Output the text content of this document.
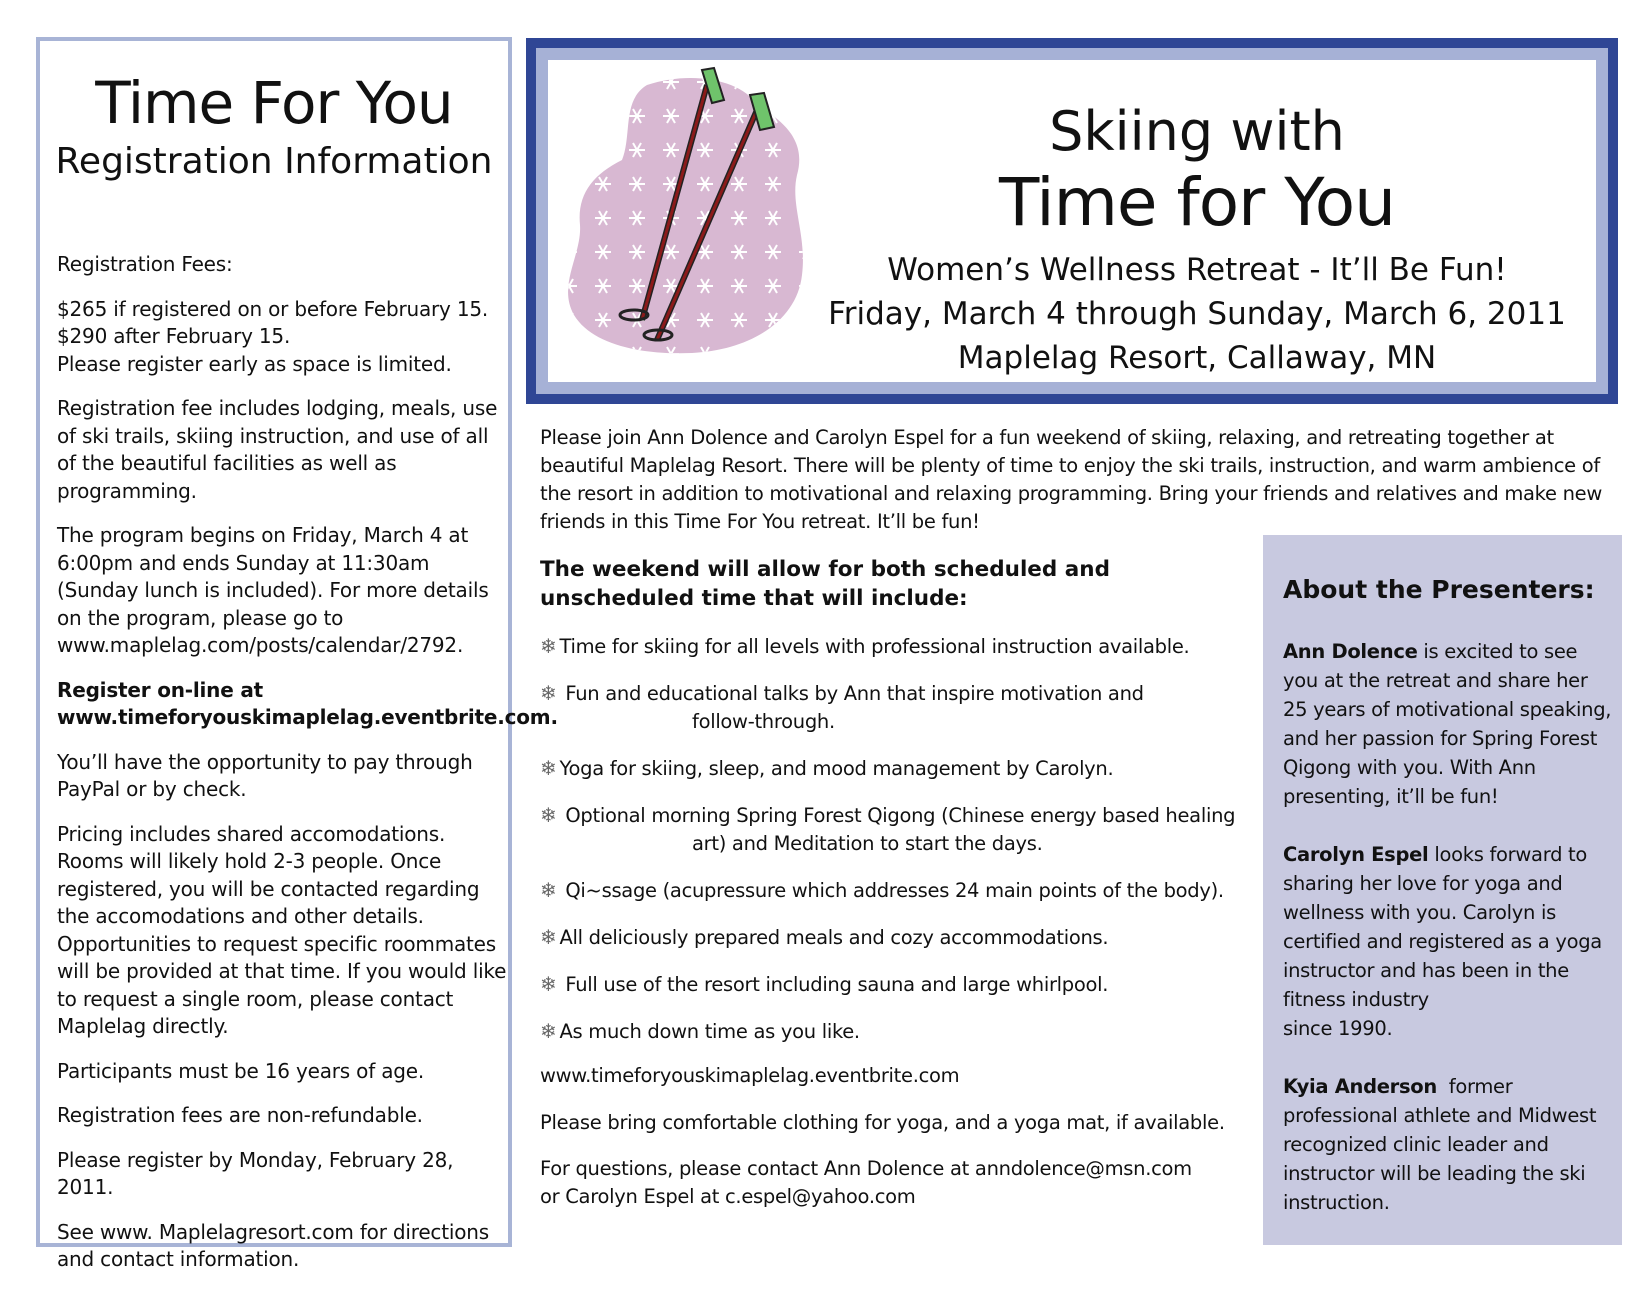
Time For You
Registration Information

Registration Fees:

$265 if registered on or before February 15.
$290 after February 15.
Please register early as space is limited.

Registration fee includes lodging, meals, use of ski trails, skiing instruction, and use of all of the beautiful facilities as well as programming.

The program begins on Friday, March 4 at 6:00pm and ends Sunday at 11:30am (Sunday lunch is included). For more details on the program, please go to www.maplelag.com/posts/calendar/2792.

Register on-line at
www.timeforyouskimaplelag.eventbrite.com.

You’ll have the opportunity to pay through PayPal or by check.

Pricing includes shared accomodations. Rooms will likely hold 2-3 people. Once registered, you will be contacted regarding the accomodations and other details. Opportunities to request specific roommates will be provided at that time. If you would like to request a single room, please contact Maplelag directly.

Participants must be 16 years of age.

Registration fees are non-refundable.

Please register by Monday, February 28, 2011.

See www. Maplelagresort.com for directions and contact information.

Skiing with
Time for You
Women’s Wellness Retreat - It’ll Be Fun!
Friday, March 4 through Sunday, March 6, 2011
Maplelag Resort, Callaway, MN
Please join Ann Dolence and Carolyn Espel for a fun weekend of skiing, relaxing, and retreating together at beautiful Maplelag Resort. There will be plenty of time to enjoy the ski trails, instruction, and warm ambience of the resort in addition to motivational and relaxing programming. Bring your friends and relatives and make new friends in this Time For You retreat. It’ll be fun!
The weekend will allow for both scheduled and unscheduled time that will include:
❄ Time for skiing for all levels with professional instruction available.
❄ Fun and educational talks by Ann that inspire motivation and
follow-through.
❄ Yoga for skiing, sleep, and mood management by Carolyn.
❄ Optional morning Spring Forest Qigong (Chinese energy based healing
art) and Meditation to start the days.
❄ Qi~ssage (acupressure which addresses 24 main points of the body).
❄ All deliciously prepared meals and cozy accommodations.
❄ Full use of the resort including sauna and large whirlpool.
❄ As much down time as you like.
www.timeforyouskimaplelag.eventbrite.com
Please bring comfortable clothing for yoga, and a yoga mat, if available.
For questions, please contact Ann Dolence at anndolence@msn.com
or Carolyn Espel at c.espel@yahoo.com
About the Presenters:

Ann Dolence is excited to see you at the retreat and share her 25 years of motivational speaking, and her passion for Spring Forest Qigong with you. With Ann presenting, it’ll be fun!

Carolyn Espel looks forward to sharing her love for yoga and wellness with you. Carolyn is certified and registered as a yoga instructor and has been in the fitness industry
since 1990.

Kyia Anderson  former professional athlete and Midwest recognized clinic leader and instructor will be leading the ski instruction.
